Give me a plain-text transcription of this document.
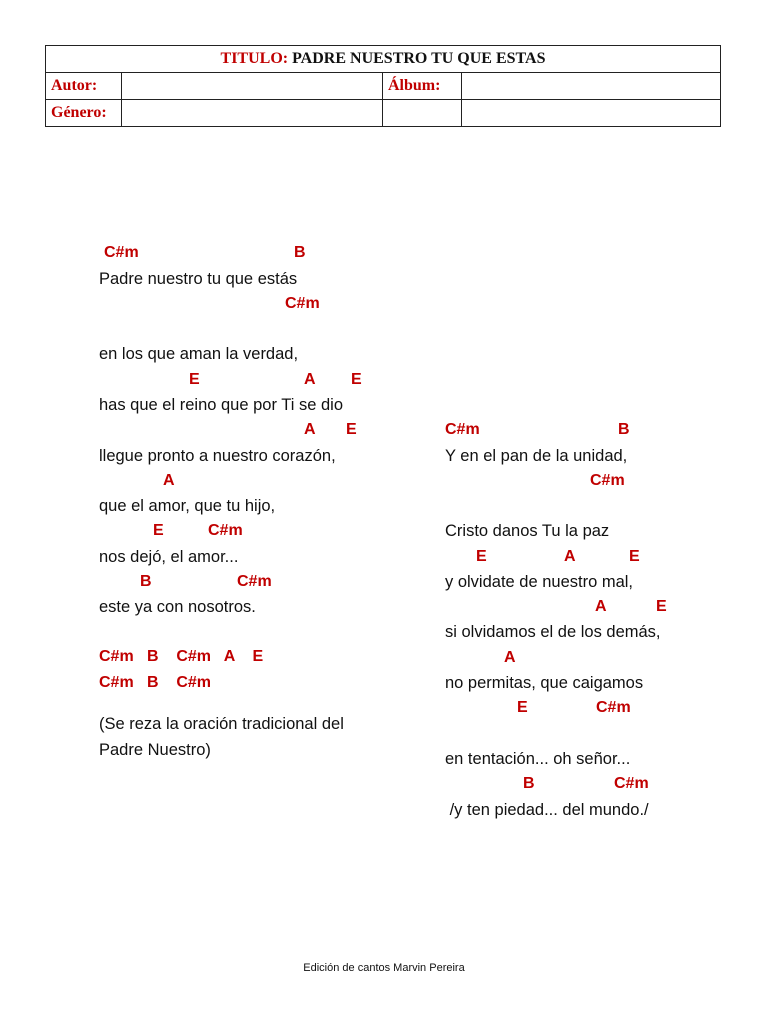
TITULO: PADRE NUESTRO TU QUE ESTAS			
Autor:		Álbum:	
Género:			
C#m	B
Padre nuestro tu que estás
C#m
en los que aman la verdad,
E	A E
has que el reino que por Ti se dio
A E
llegue pronto a nuestro corazón,
A
que el amor, que tu hijo,
E	C#m
nos dejó, el amor...
B	C#m
este ya con nosotros.
C#m   B    C#m   A    E
C#m   B    C#m
(Se reza la oración tradicional del
Padre Nuestro)
C#m	B
Y en el pan de la unidad,
C#m
Cristo danos Tu la paz
E	A	E
y olvidate de nuestro mal,
A	E
si olvidamos el de los demás,
A
no permitas, que caigamos
E	C#m
en tentación... oh señor...
B	C#m
/y ten piedad... del mundo./
Edición de cantos Marvin Pereira
